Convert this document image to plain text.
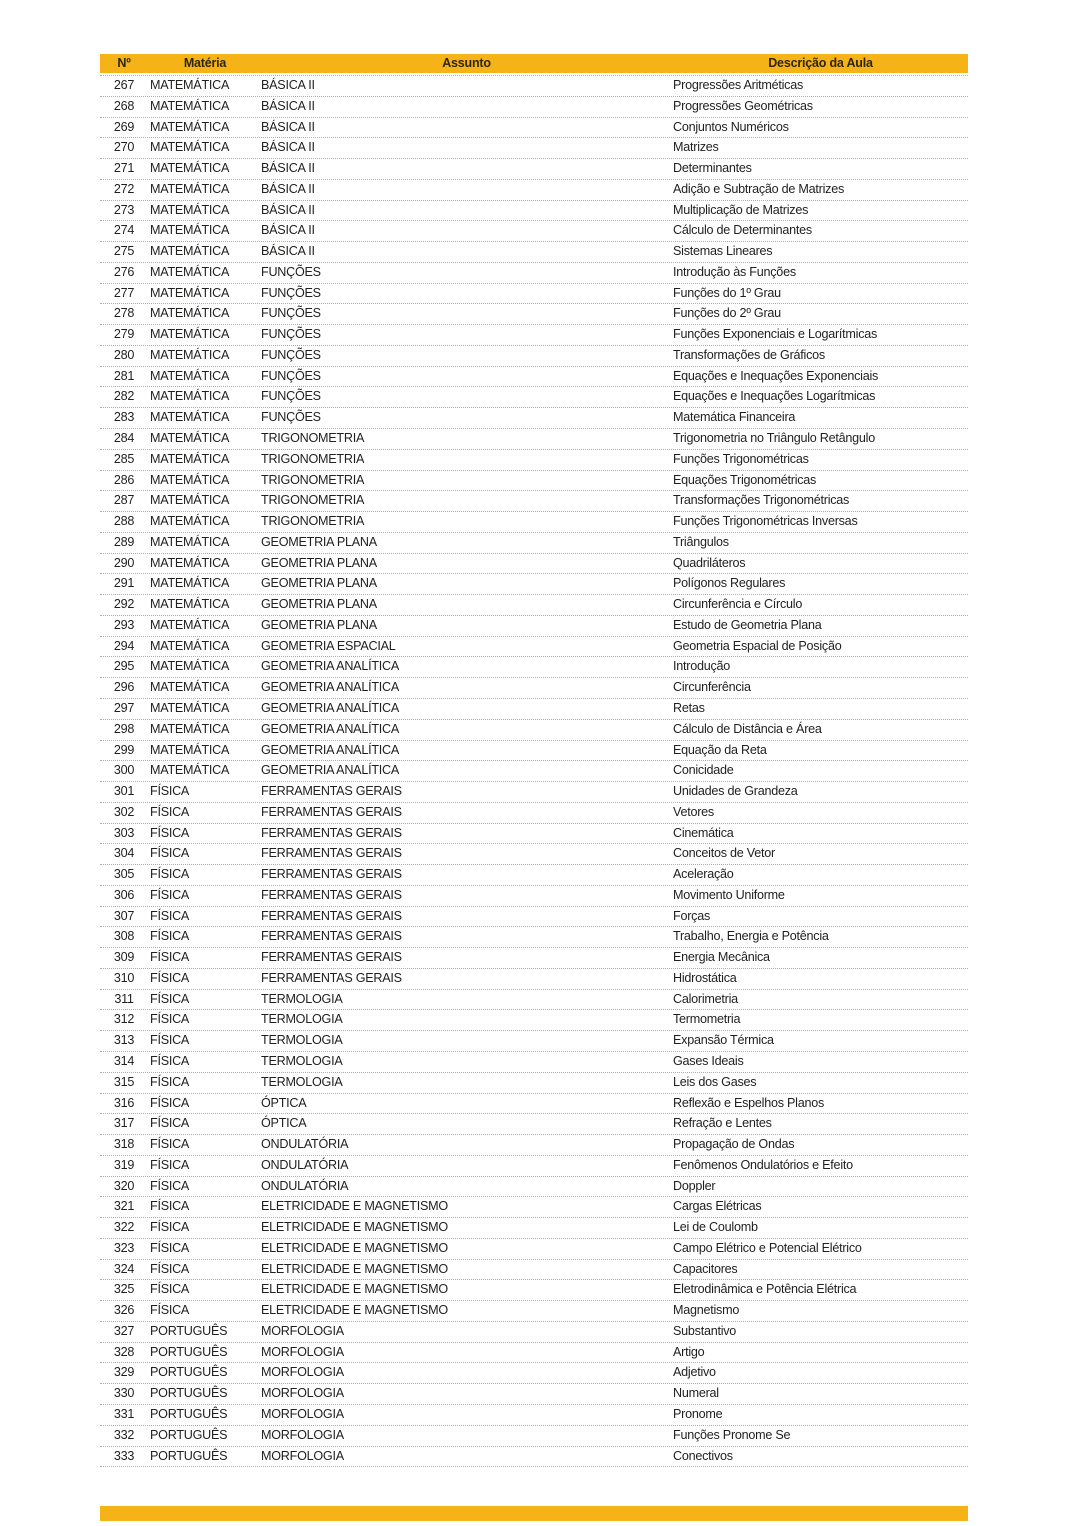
Nº	Matéria	Assunto	Descrição da Aula
267	MATEMÁTICA	BÁSICA II	Progressões Aritméticas
268	MATEMÁTICA	BÁSICA II	Progressões Geométricas
269	MATEMÁTICA	BÁSICA II	Conjuntos Numéricos
270	MATEMÁTICA	BÁSICA II	Matrizes
271	MATEMÁTICA	BÁSICA II	Determinantes
272	MATEMÁTICA	BÁSICA II	Adição e Subtração de Matrizes
273	MATEMÁTICA	BÁSICA II	Multiplicação de Matrizes
274	MATEMÁTICA	BÁSICA II	Cálculo de Determinantes
275	MATEMÁTICA	BÁSICA II	Sistemas Lineares
276	MATEMÁTICA	FUNÇÕES	Introdução às Funções
277	MATEMÁTICA	FUNÇÕES	Funções do 1º Grau
278	MATEMÁTICA	FUNÇÕES	Funções do 2º Grau
279	MATEMÁTICA	FUNÇÕES	Funções Exponenciais e Logarítmicas
280	MATEMÁTICA	FUNÇÕES	Transformações de Gráficos
281	MATEMÁTICA	FUNÇÕES	Equações e Inequações Exponenciais
282	MATEMÁTICA	FUNÇÕES	Equações e Inequações Logarítmicas
283	MATEMÁTICA	FUNÇÕES	Matemática Financeira
284	MATEMÁTICA	TRIGONOMETRIA	Trigonometria no Triângulo Retângulo
285	MATEMÁTICA	TRIGONOMETRIA	Funções Trigonométricas
286	MATEMÁTICA	TRIGONOMETRIA	Equações Trigonométricas
287	MATEMÁTICA	TRIGONOMETRIA	Transformações Trigonométricas
288	MATEMÁTICA	TRIGONOMETRIA	Funções Trigonométricas Inversas
289	MATEMÁTICA	GEOMETRIA PLANA	Triângulos
290	MATEMÁTICA	GEOMETRIA PLANA	Quadriláteros
291	MATEMÁTICA	GEOMETRIA PLANA	Polígonos Regulares
292	MATEMÁTICA	GEOMETRIA PLANA	Circunferência e Círculo
293	MATEMÁTICA	GEOMETRIA PLANA	Estudo de Geometria Plana
294	MATEMÁTICA	GEOMETRIA ESPACIAL	Geometria Espacial de Posição
295	MATEMÁTICA	GEOMETRIA ANALÍTICA	Introdução
296	MATEMÁTICA	GEOMETRIA ANALÍTICA	Circunferência
297	MATEMÁTICA	GEOMETRIA ANALÍTICA	Retas
298	MATEMÁTICA	GEOMETRIA ANALÍTICA	Cálculo de Distância e Área
299	MATEMÁTICA	GEOMETRIA ANALÍTICA	Equação da Reta
300	MATEMÁTICA	GEOMETRIA ANALÍTICA	Conicidade
301	FÍSICA	FERRAMENTAS GERAIS	Unidades de Grandeza
302	FÍSICA	FERRAMENTAS GERAIS	Vetores
303	FÍSICA	FERRAMENTAS GERAIS	Cinemática
304	FÍSICA	FERRAMENTAS GERAIS	Conceitos de Vetor
305	FÍSICA	FERRAMENTAS GERAIS	Aceleração
306	FÍSICA	FERRAMENTAS GERAIS	Movimento Uniforme
307	FÍSICA	FERRAMENTAS GERAIS	Forças
308	FÍSICA	FERRAMENTAS GERAIS	Trabalho, Energia e Potência
309	FÍSICA	FERRAMENTAS GERAIS	Energia Mecânica
310	FÍSICA	FERRAMENTAS GERAIS	Hidrostática
311	FÍSICA	TERMOLOGIA	Calorimetria
312	FÍSICA	TERMOLOGIA	Termometria
313	FÍSICA	TERMOLOGIA	Expansão Térmica
314	FÍSICA	TERMOLOGIA	Gases Ideais
315	FÍSICA	TERMOLOGIA	Leis dos Gases
316	FÍSICA	ÓPTICA	Reflexão e Espelhos Planos
317	FÍSICA	ÓPTICA	Refração e Lentes
318	FÍSICA	ONDULATÓRIA	Propagação de Ondas
319	FÍSICA	ONDULATÓRIA	Fenômenos Ondulatórios e Efeito
320	FÍSICA	ONDULATÓRIA	Doppler
321	FÍSICA	ELETRICIDADE E MAGNETISMO	Cargas Elétricas
322	FÍSICA	ELETRICIDADE E MAGNETISMO	Lei de Coulomb
323	FÍSICA	ELETRICIDADE E MAGNETISMO	Campo Elétrico e Potencial Elétrico
324	FÍSICA	ELETRICIDADE E MAGNETISMO	Capacitores
325	FÍSICA	ELETRICIDADE E MAGNETISMO	Eletrodinâmica e Potência Elétrica
326	FÍSICA	ELETRICIDADE E MAGNETISMO	Magnetismo
327	PORTUGUÊS	MORFOLOGIA	Substantivo
328	PORTUGUÊS	MORFOLOGIA	Artigo
329	PORTUGUÊS	MORFOLOGIA	Adjetivo
330	PORTUGUÊS	MORFOLOGIA	Numeral
331	PORTUGUÊS	MORFOLOGIA	Pronome
332	PORTUGUÊS	MORFOLOGIA	Funções Pronome Se
333	PORTUGUÊS	MORFOLOGIA	Conectivos
